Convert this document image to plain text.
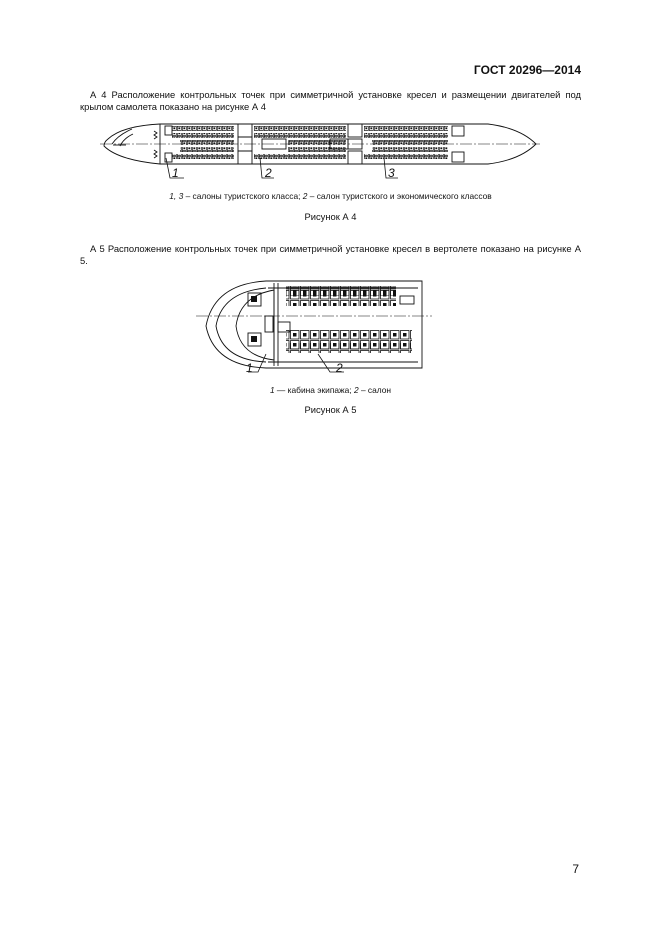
ГОСТ 20296—2014

А 4 Расположение контрольных точек при симметричной установке кресел и размещении двигателей под крылом самолета показано на рисунке А 4

1	2	3
1	2
1, 3 – салоны туристского класса; 2 – салон туристского и экономического классов
Рисунок А 4

А 5 Расположение контрольных точек при симметричной установке кресел в вертолете показано на рисунке А 5.

1 — кабина экипажа; 2 – салон
Рисунок А 5
7
